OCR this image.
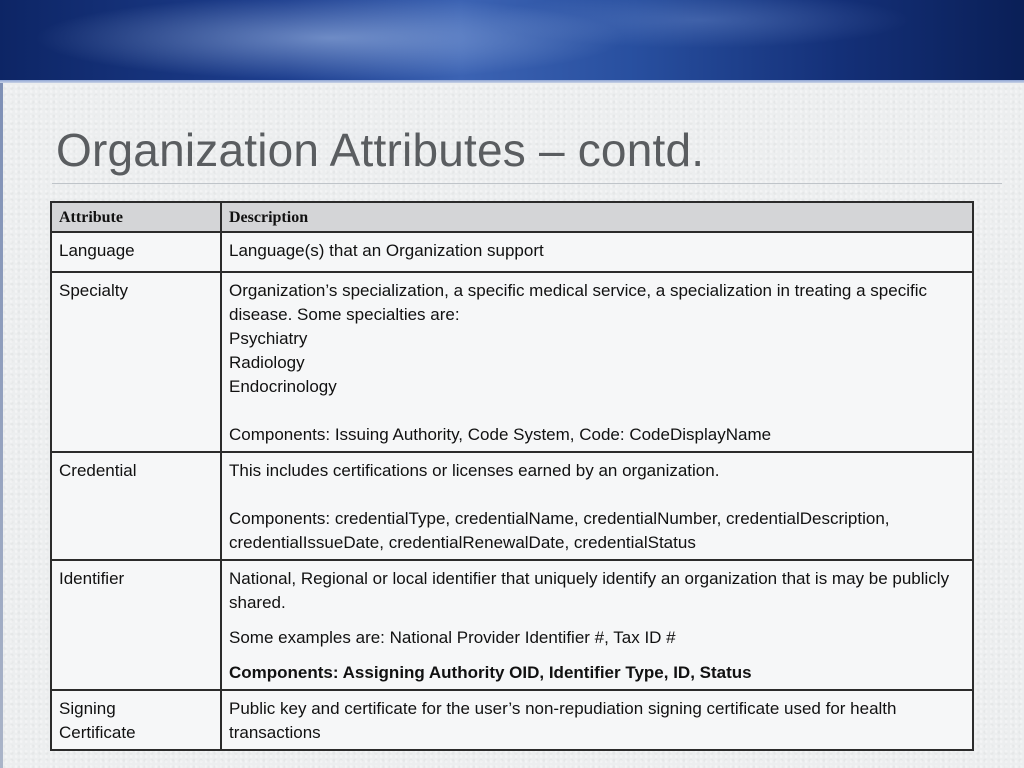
Organization Attributes – contd.
Attribute	Description
Language	Language(s) that an Organization support

Specialty	Organization’s specialization, a specific medical service, a specialization in treating a specific disease. Some specialties are:
Psychiatry
Radiology
Endocrinology
Components: Issuing Authority, Code System, Code: CodeDisplayName

Credential	This includes certifications or licenses earned by an organization.
Components: credentialType, credentialName, credentialNumber, credentialDescription, credentialIssueDate, credentialRenewalDate, credentialStatus

Identifier	National, Regional or local identifier that uniquely identify an organization that is may be publicly shared.
Some examples are: National Provider Identifier #, Tax ID #
Components: Assigning Authority OID, Identifier Type, ID, Status

Signing Certificate	Public key and certificate for the user’s non-repudiation signing certificate used for health transactions
